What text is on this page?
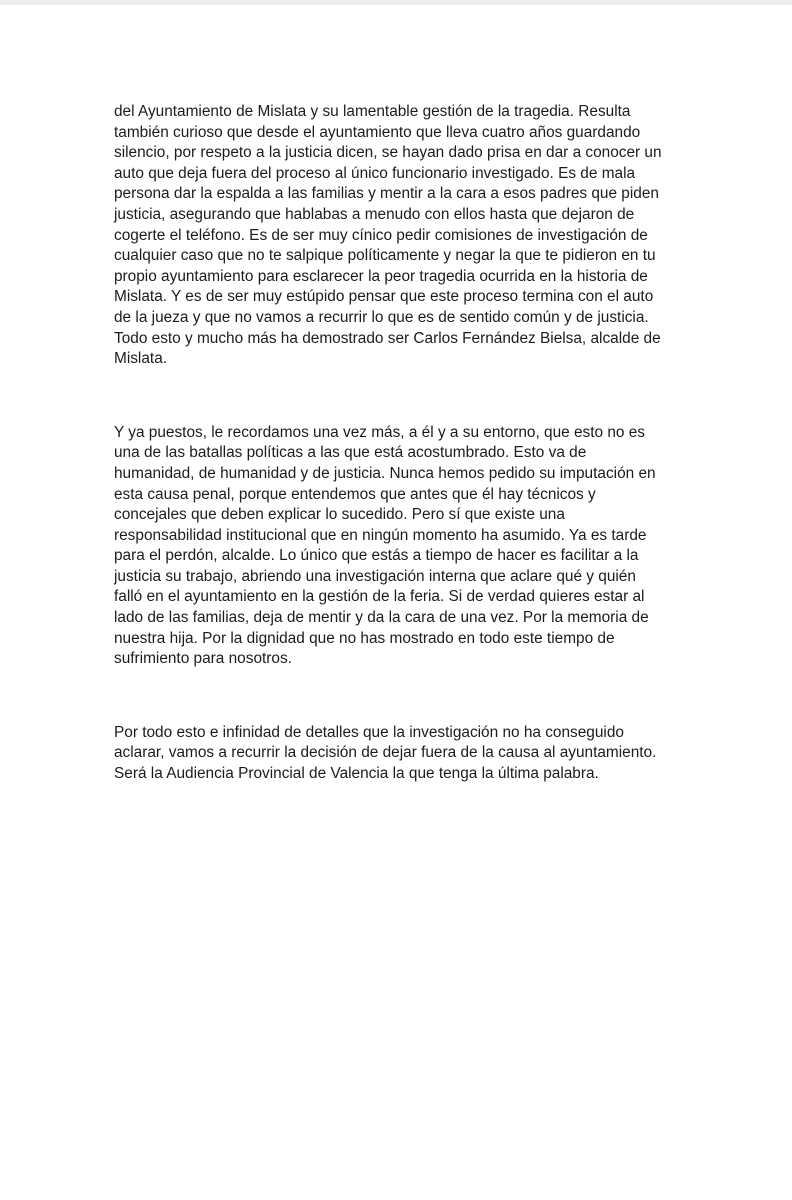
del Ayuntamiento de Mislata y su lamentable gestión de la tragedia. Resulta
también curioso que desde el ayuntamiento que lleva cuatro años guardando
silencio, por respeto a la justicia dicen, se hayan dado prisa en dar a conocer un
auto que deja fuera del proceso al único funcionario investigado. Es de mala
persona dar la espalda a las familias y mentir a la cara a esos padres que piden
justicia, asegurando que hablabas a menudo con ellos hasta que dejaron de
cogerte el teléfono. Es de ser muy cínico pedir comisiones de investigación de
cualquier caso que no te salpique políticamente y negar la que te pidieron en tu
propio ayuntamiento para esclarecer la peor tragedia ocurrida en la historia de
Mislata. Y es de ser muy estúpido pensar que este proceso termina con el auto
de la jueza y que no vamos a recurrir lo que es de sentido común y de justicia.
Todo esto y mucho más ha demostrado ser Carlos Fernández Bielsa, alcalde de
Mislata.

Y ya puestos, le recordamos una vez más, a él y a su entorno, que esto no es
una de las batallas políticas a las que está acostumbrado. Esto va de
humanidad, de humanidad y de justicia. Nunca hemos pedido su imputación en
esta causa penal, porque entendemos que antes que él hay técnicos y
concejales que deben explicar lo sucedido. Pero sí que existe una
responsabilidad institucional que en ningún momento ha asumido. Ya es tarde
para el perdón, alcalde. Lo único que estás a tiempo de hacer es facilitar a la
justicia su trabajo, abriendo una investigación interna que aclare qué y quién
falló en el ayuntamiento en la gestión de la feria. Si de verdad quieres estar al
lado de las familias, deja de mentir y da la cara de una vez. Por la memoria de
nuestra hija. Por la dignidad que no has mostrado en todo este tiempo de
sufrimiento para nosotros.

Por todo esto e infinidad de detalles que la investigación no ha conseguido
aclarar, vamos a recurrir la decisión de dejar fuera de la causa al ayuntamiento.
Será la Audiencia Provincial de Valencia la que tenga la última palabra.
